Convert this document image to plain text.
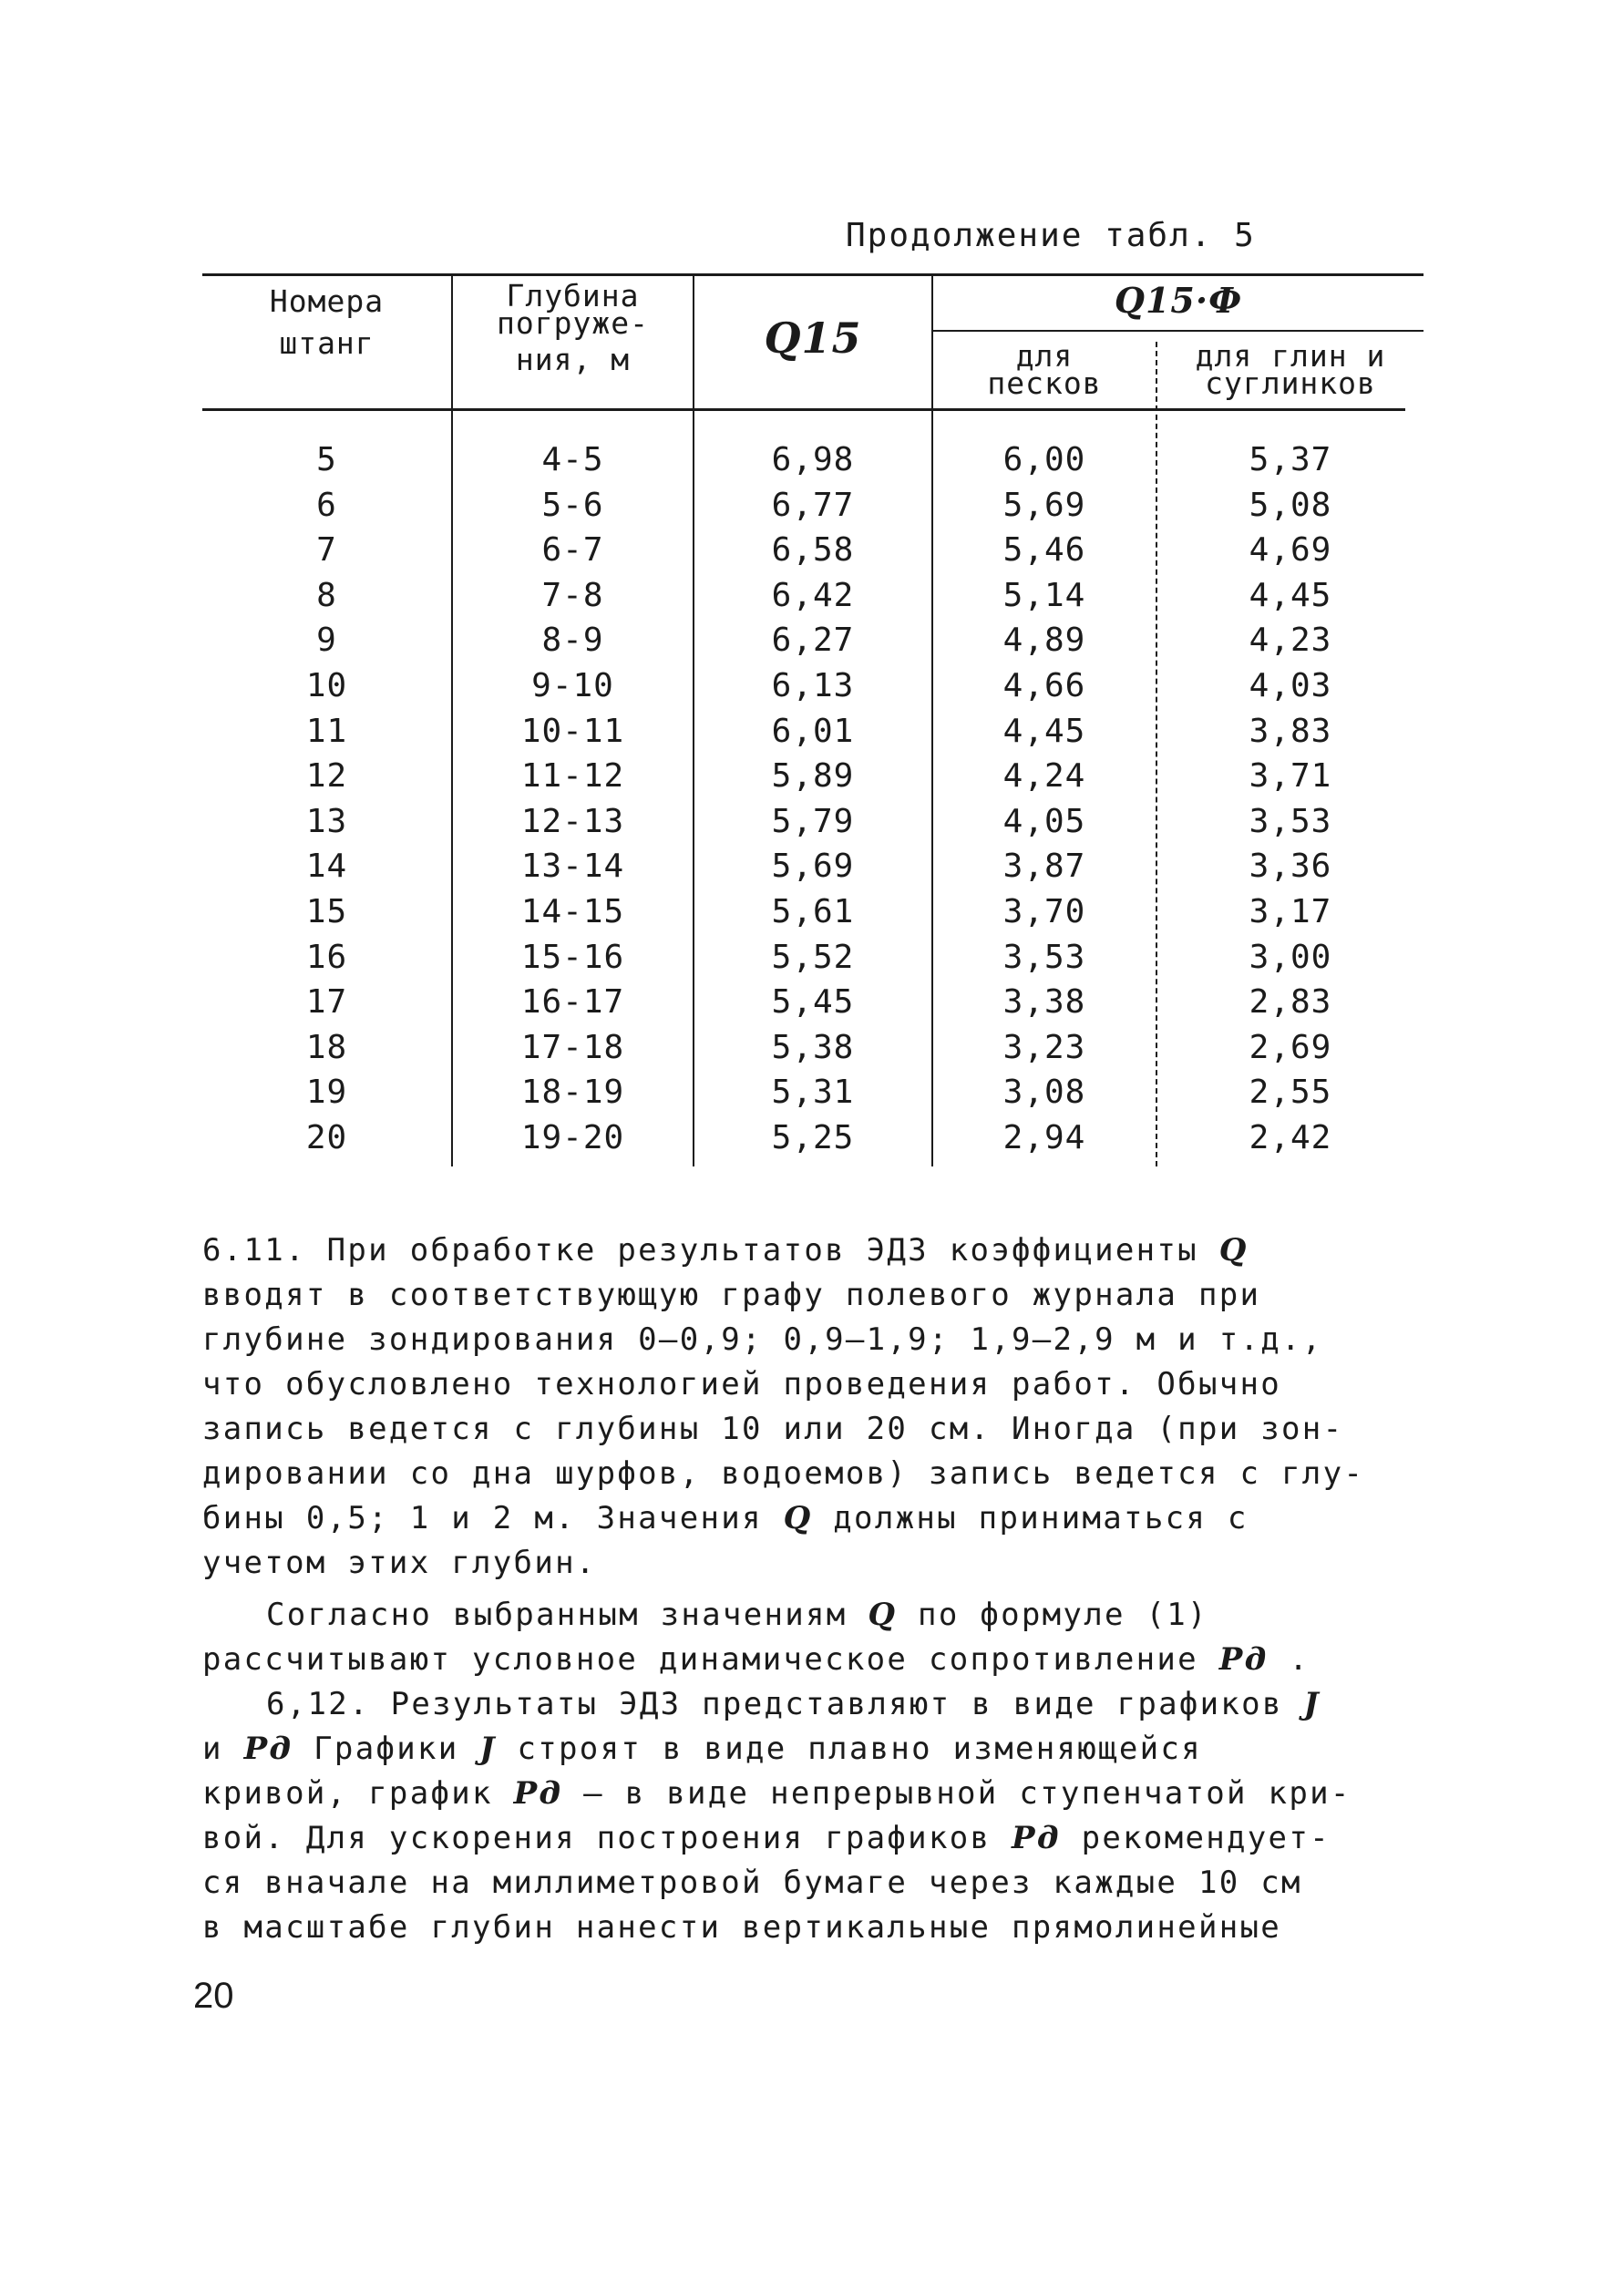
Продолжение табл. 5
Номера
штанг
Глубина
погруже-
ния, м	Q15
Q15·Ф
для
песков
для глин и
суглинков
5
6
7
8
9
10
11
12
13
14
15
16
17
18
19
20
4-5
5-6
6-7
7-8
8-9
9-10
10-11
11-12
12-13
13-14
14-15
15-16
16-17
17-18
18-19
19-20
6,98
6,77
6,58
6,42
6,27
6,13
6,01
5,89
5,79
5,69
5,61
5,52
5,45
5,38
5,31
5,25
6,00
5,69
5,46
5,14
4,89
4,66
4,45
4,24
4,05
3,87
3,70
3,53
3,38
3,23
3,08
2,94
5,37
5,08
4,69
4,45
4,23
4,03
3,83
3,71
3,53
3,36
3,17
3,00
2,83
2,69
2,55
2,42

6.11. При обработке результатов ЭДЗ коэффициенты Q

вводят в соответствующую графу полевого журнала при

глубине зондирования 0–0,9; 0,9–1,9; 1,9–2,9 м и т.д.,

что обусловлено технологией проведения работ. Обычно

запись ведется с глубины 10 или 20 см. Иногда (при зон-

дировании со дна шурфов, водоемов) запись ведется с глу-

бины 0,5; 1 и 2 м. Значения Q должны приниматься с

учетом этих глубин.

Согласно выбранным значениям Q по формуле (1)

рассчитывают условное динамическое сопротивление Pд .

6,12. Результаты ЭДЗ представляют в виде графиков J

и Pд Графики J строят в виде плавно изменяющейся

кривой, график Pд – в виде непрерывной ступенчатой кри-

вой. Для ускорения построения графиков Pд рекомендует-

ся вначале на миллиметровой бумаге через каждые 10 см

в масштабе глубин нанести вертикальные прямолинейные

20
